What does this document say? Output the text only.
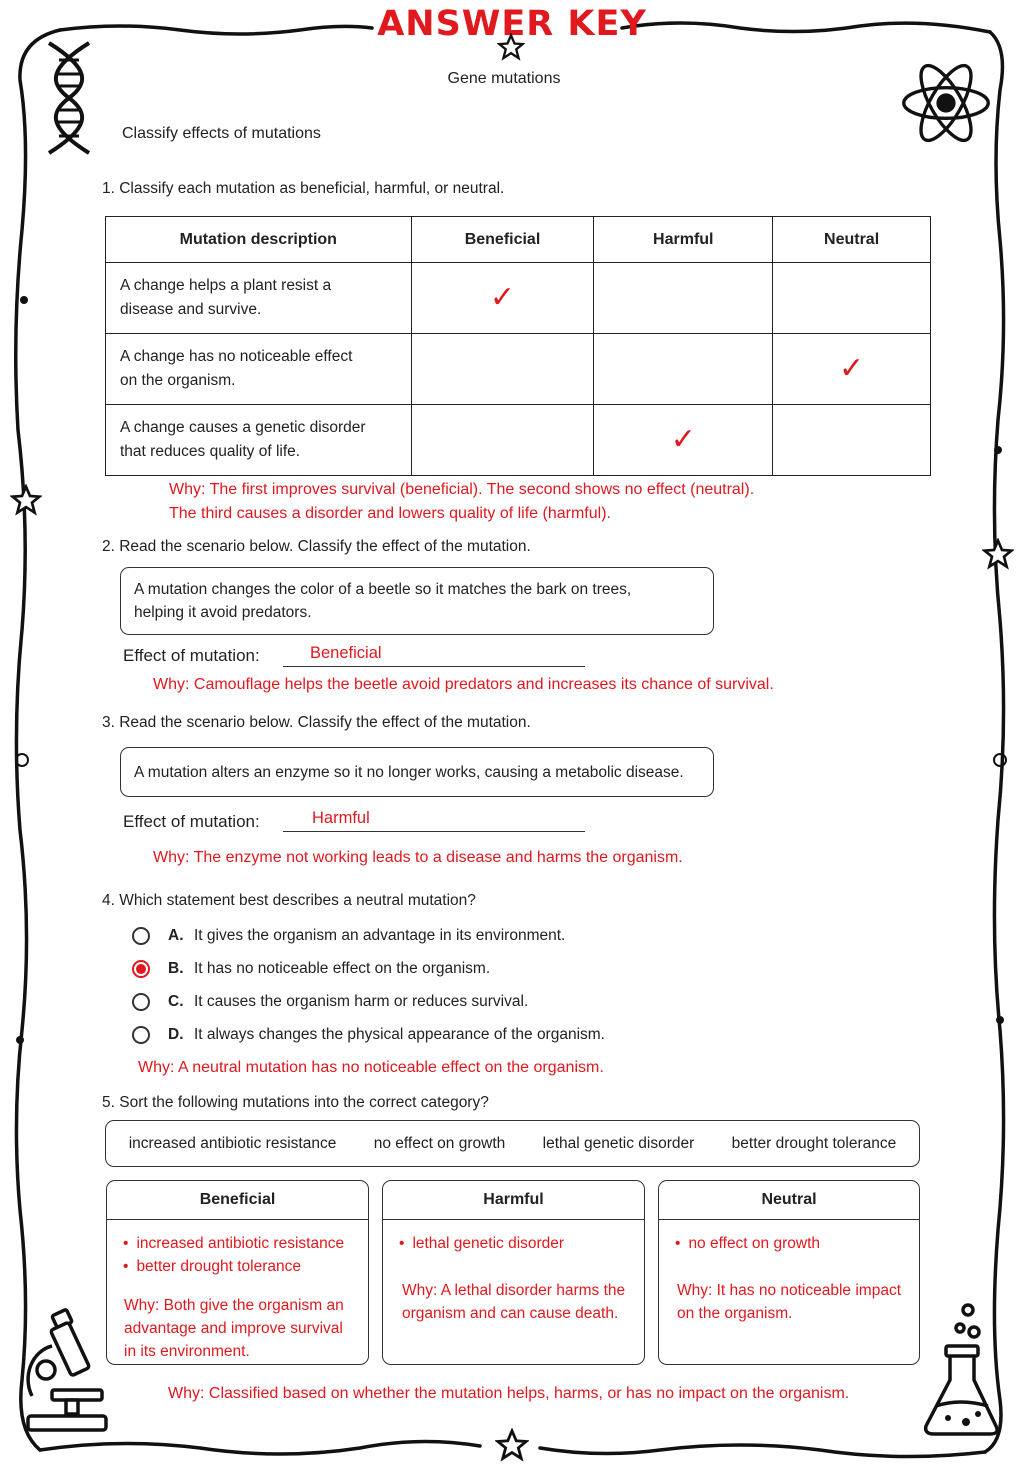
ANSWER KEY
Gene mutations
Classify effects of mutations
1. Classify each mutation as beneficial, harmful, or neutral.
Mutation description	Beneficial	Harmful	Neutral
A change helps a plant resist a
disease and survive.	✓		
A change has no noticeable effect
on the organism.			✓
A change causes a genetic disorder
that reduces quality of life.		✓	
Why: The first improves survival (beneficial). The second shows no effect (neutral).
The third causes a disorder and lowers quality of life (harmful).
2. Read the scenario below. Classify the effect of the mutation.
A mutation changes the color of a beetle so it matches the bark on trees,
helping it avoid predators.
Effect of mutation:	Beneficial
Why: Camouflage helps the beetle avoid predators and increases its chance of survival.
3. Read the scenario below. Classify the effect of the mutation.
A mutation alters an enzyme so it no longer works, causing a metabolic disease.
Effect of mutation:	Harmful
Why: The enzyme not working leads to a disease and harms the organism.
4. Which statement best describes a neutral mutation?
A. It gives the organism an advantage in its environment.
B. It has no noticeable effect on the organism.
C. It causes the organism harm or reduces survival.
D. It always changes the physical appearance of the organism.
Why: A neutral mutation has no noticeable effect on the organism.
5. Sort the following mutations into the correct category?
increased antibiotic resistance no effect on growth lethal genetic disorder better drought tolerance
Beneficial
• increased antibiotic resistance
• better drought tolerance
Why: Both give the organism an advantage and improve survival in its environment.
Harmful
• lethal genetic disorder
Why: A lethal disorder harms the organism and can cause death.
Neutral
• no effect on growth
Why: It has no noticeable impact on the organism.
Why: Classified based on whether the mutation helps, harms, or has no impact on the organism.
